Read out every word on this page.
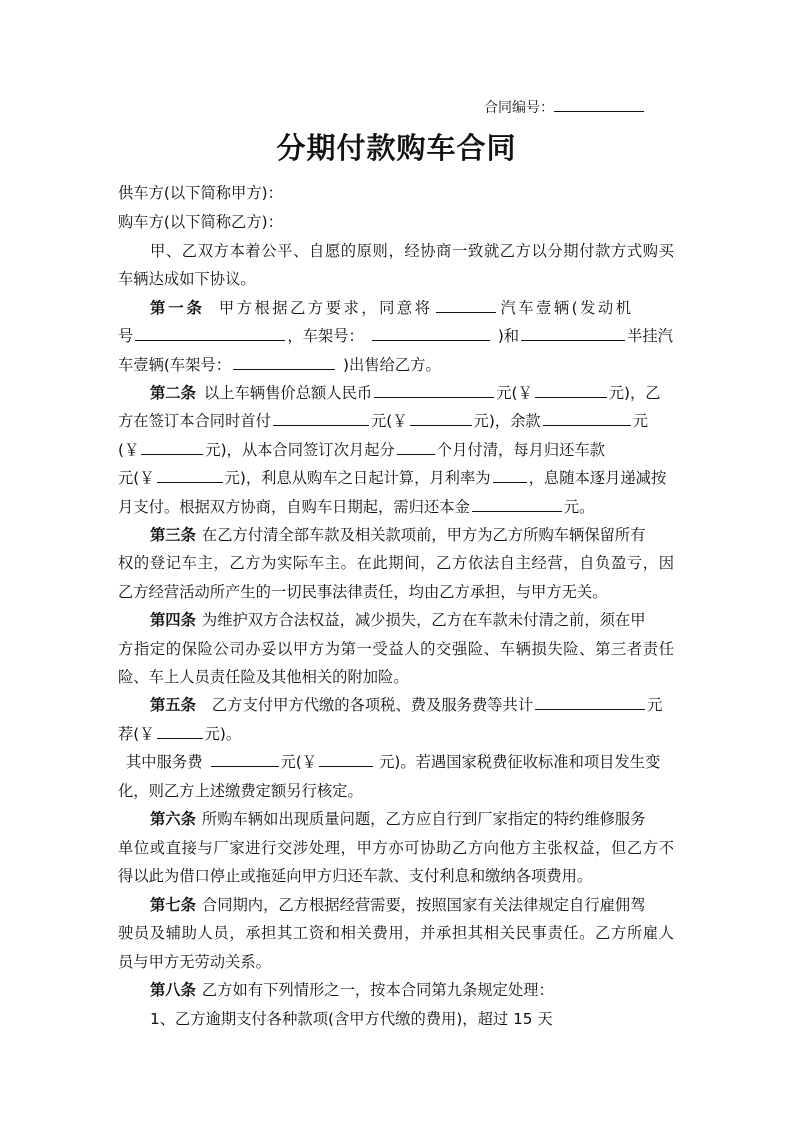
合同编号：
分期付款购车合同
供车方(以下简称甲方)：
购车方(以下简称乙方)：
甲、乙双方本着公平、自愿的原则，经协商一致就乙方以分期付款方式购买
车辆达成如下协议。
第一条 甲方根据乙方要求，同意将	汽车壹辆(发动机
号	，车架号：	)和	半挂汽
车壹辆(车架号：	)出售给乙方。
第二条 以上车辆售价总额人民币	元(￥	元)，乙
方在签订本合同时首付	元(￥	元)，余款	元
(￥	元)，从本合同签订次月起分	个月付清，每月归还车款
元(￥	元)，利息从购车之日起计算，月利率为 ，息随本逐月递减按
月支付。根据双方协商，自购车日期起，需归还本金	元。
第三条 在乙方付清全部车款及相关款项前，甲方为乙方所购车辆保留所有
权的登记车主，乙方为实际车主。在此期间，乙方依法自主经营，自负盈亏，因
乙方经营活动所产生的一切民事法律责任，均由乙方承担，与甲方无关。
第四条 为维护双方合法权益，减少损失，乙方在车款未付清之前，须在甲
方指定的保险公司办妥以甲方为第一受益人的交强险、车辆损失险、第三者责任
险、车上人员责任险及其他相关的附加险。
第五条 乙方支付甲方代缴的各项税、费及服务费等共计	元
荐(￥	元)。
其中服务费	元(￥	元)。若遇国家税费征收标准和项目发生变
化，则乙方上述缴费定额另行核定。
第六条 所购车辆如出现质量问题，乙方应自行到厂家指定的特约维修服务
单位或直接与厂家进行交涉处理，甲方亦可协助乙方向他方主张权益，但乙方不
得以此为借口停止或拖延向甲方归还车款、支付利息和缴纳各项费用。
第七条 合同期内，乙方根据经营需要，按照国家有关法律规定自行雇佣驾
驶员及辅助人员，承担其工资和相关费用，并承担其相关民事责任。乙方所雇人
员与甲方无劳动关系。
第八条 乙方如有下列情形之一，按本合同第九条规定处理：
1、乙方逾期支付各种款项(含甲方代缴的费用)，超过 15 天
